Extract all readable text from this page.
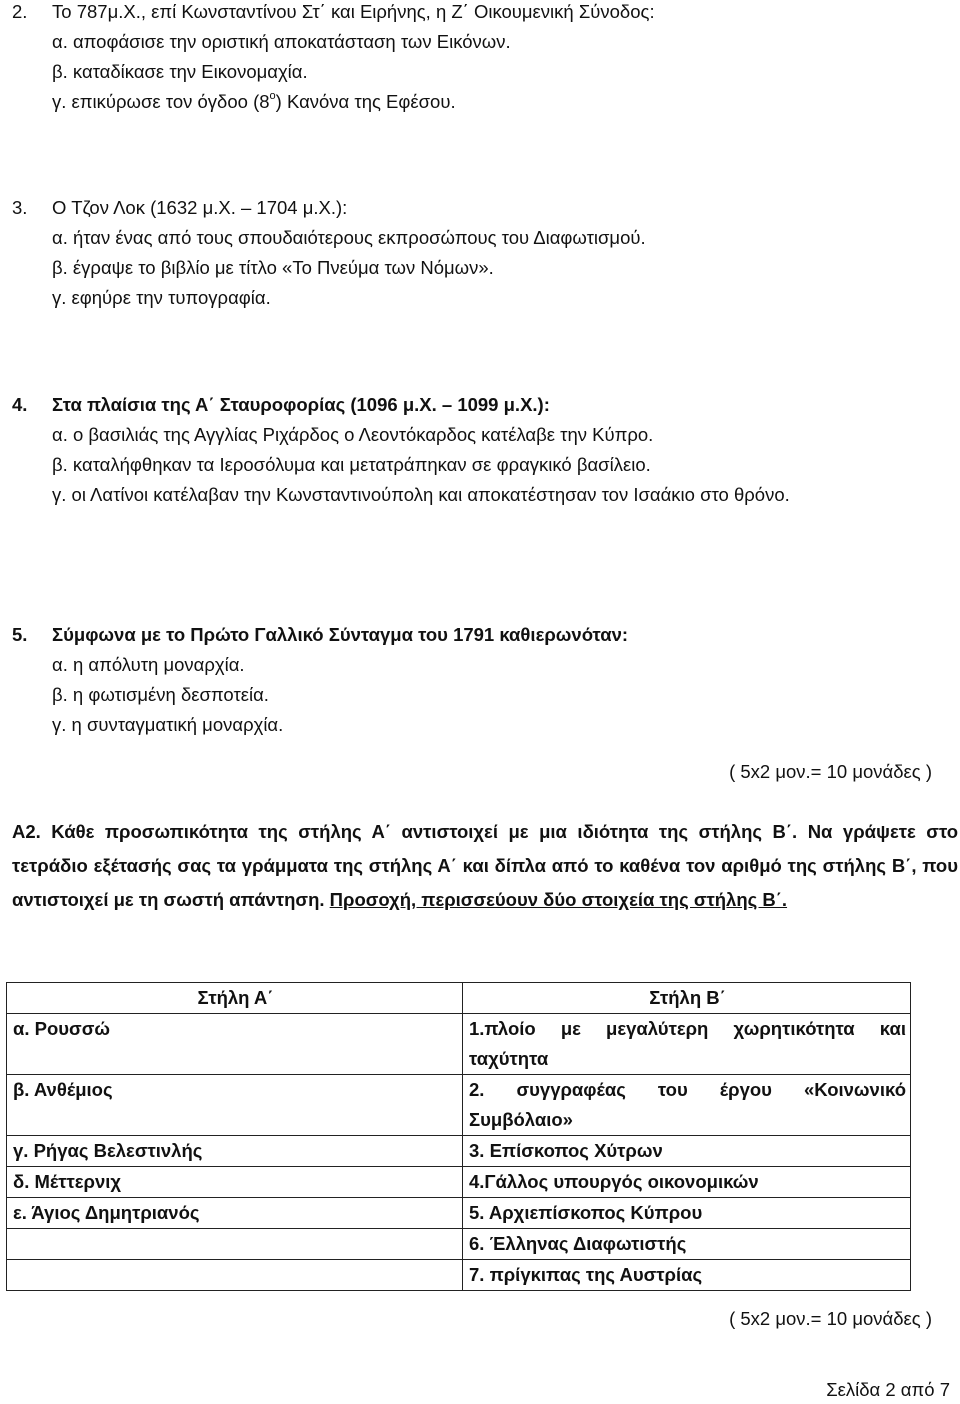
2. Το 787μ.Χ., επί Κωνσταντίνου Στ΄ και Ειρήνης, η Ζ΄ Οικουμενική Σύνοδος:
α. αποφάσισε την οριστική αποκατάσταση των Εικόνων.
β. καταδίκασε την Εικονομαχία.
γ. επικύρωσε τον όγδοο $(8^o)$ Κανόνα της Εφέσου.
3. Ο Τζον Λοκ (1632 μ.Χ. – 1704 μ.Χ.):
α. ήταν ένας από τους σπουδαιότερους εκπροσώπους του Διαφωτισμού.
β. έγραψε το βιβλίο με τίτλο «Το Πνεύμα των Νόμων».
γ. εφηύρε την τυπογραφία.
4. Στα πλαίσια της Α΄ Σταυροφορίας (1096 μ.Χ. – 1099 μ.Χ.):
α. ο βασιλιάς της Αγγλίας Ριχάρδος ο Λεοντόκαρδος κατέλαβε την Κύπρο.
β. καταλήφθηκαν τα Ιεροσόλυμα και μετατράπηκαν σε φραγκικό βασίλειο.
γ. οι Λατίνοι κατέλαβαν την Κωνσταντινούπολη και αποκατέστησαν τον Ισαάκιο στο θρόνο.
5. Σύμφωνα με το Πρώτο Γαλλικό Σύνταγμα του 1791 καθιερωνόταν:
α. η απόλυτη μοναρχία.
β. η φωτισμένη δεσποτεία.
γ. η συνταγματική μοναρχία.
( 5x2 μον.= 10 μονάδες )
Α2. Κάθε προσωπικότητα της στήλης Α΄ αντιστοιχεί με μια ιδιότητα της στήλης Β΄. Να γράψετε στο τετράδιο εξέτασής σας τα γράμματα της στήλης Α΄ και δίπλα από το καθένα τον αριθμό της στήλης Β΄, που αντιστοιχεί με τη σωστή απάντηση. Προσοχή, περισσεύουν δύο στοιχεία της στήλης Β΄.
Στήλη Α΄	Στήλη Β΄
α. Ρουσσώ	1.πλοίο με μεγαλύτερη χωρητικότητα και ταχύτητα
β. Ανθέμιος	2. συγγραφέας του έργου «Κοινωνικό Συμβόλαιο»
γ. Ρήγας Βελεστινλής	3. Επίσκοπος Χύτρων
δ. Μέττερνιχ	4.Γάλλος υπουργός οικονομικών
ε. Άγιος Δημητριανός	5. Αρχιεπίσκοπος Κύπρου
	6. Έλληνας Διαφωτιστής
	7. πρίγκιπας της Αυστρίας
( 5x2 μον.= 10 μονάδες )
Σελίδα 2 από 7
